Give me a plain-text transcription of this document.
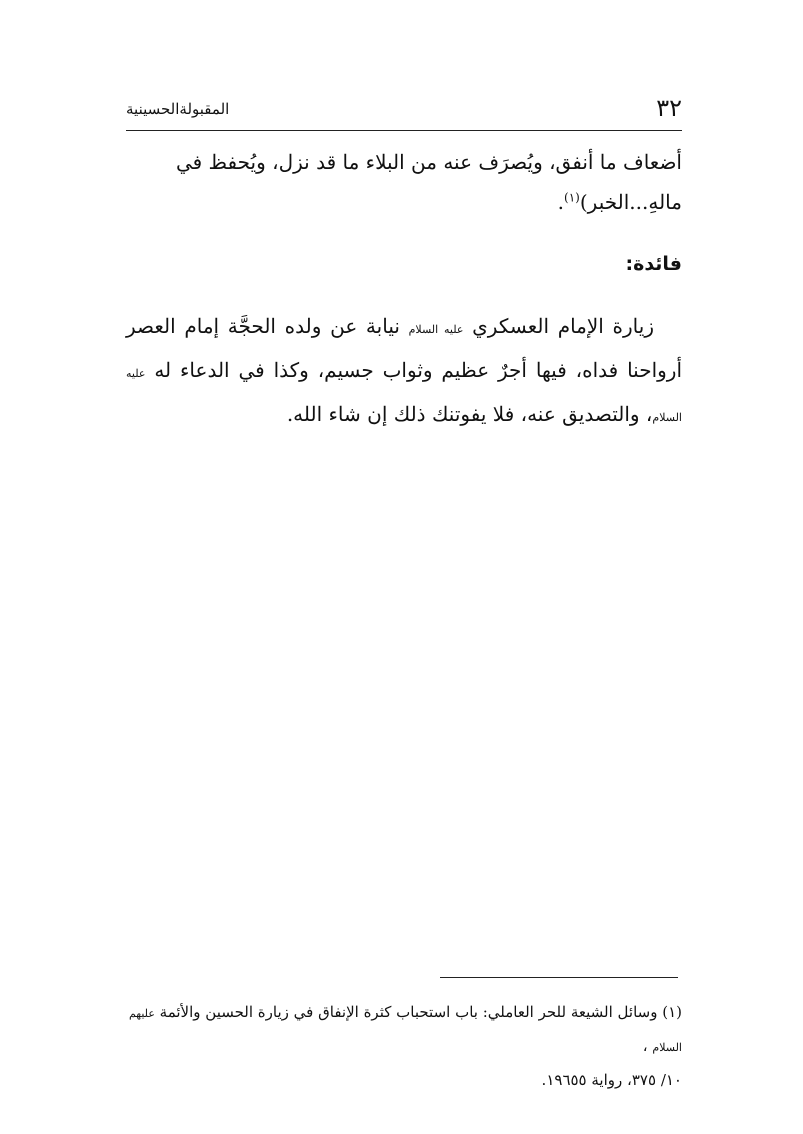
٣٢
المقبولةالحسينية
أضعاف ما أنفق، ويُصرَف عنه من البلاء ما قد نزل، ويُحفظ في
مالهِ...الخبر)$^{(١)}$.
فائدة:
زيارة الإمام العسكري عليه السلام نيابة عن ولده الحجَّة إمام العصر أرواحنا فداه، فيها أجرٌ عظيم وثواب جسيم، وكذا في الدعاء له عليه السلام، والتصديق عنه، فلا يفوتنك ذلك إن شاء الله.
(١) وسائل الشيعة للحر العاملي: باب استحباب كثرة الإنفاق في زيارة الحسين والأئمة عليهم السلام ،
١٠/ ٣٧٥، رواية ١٩٦٥٥.
